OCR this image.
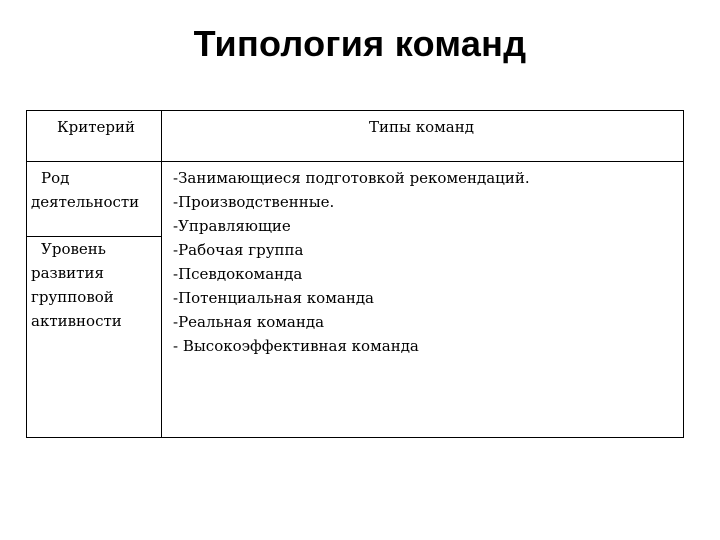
Типология команд
Критерий	Типы команд
Род
деятельности
Уровень
развития
групповой
активности
-Занимающиеся подготовкой рекомендаций.
-Производственные.
-Управляющие
-Рабочая группа
-Псевдокоманда
-Потенциальная команда
-Реальная команда
- Высокоэффективная команда
